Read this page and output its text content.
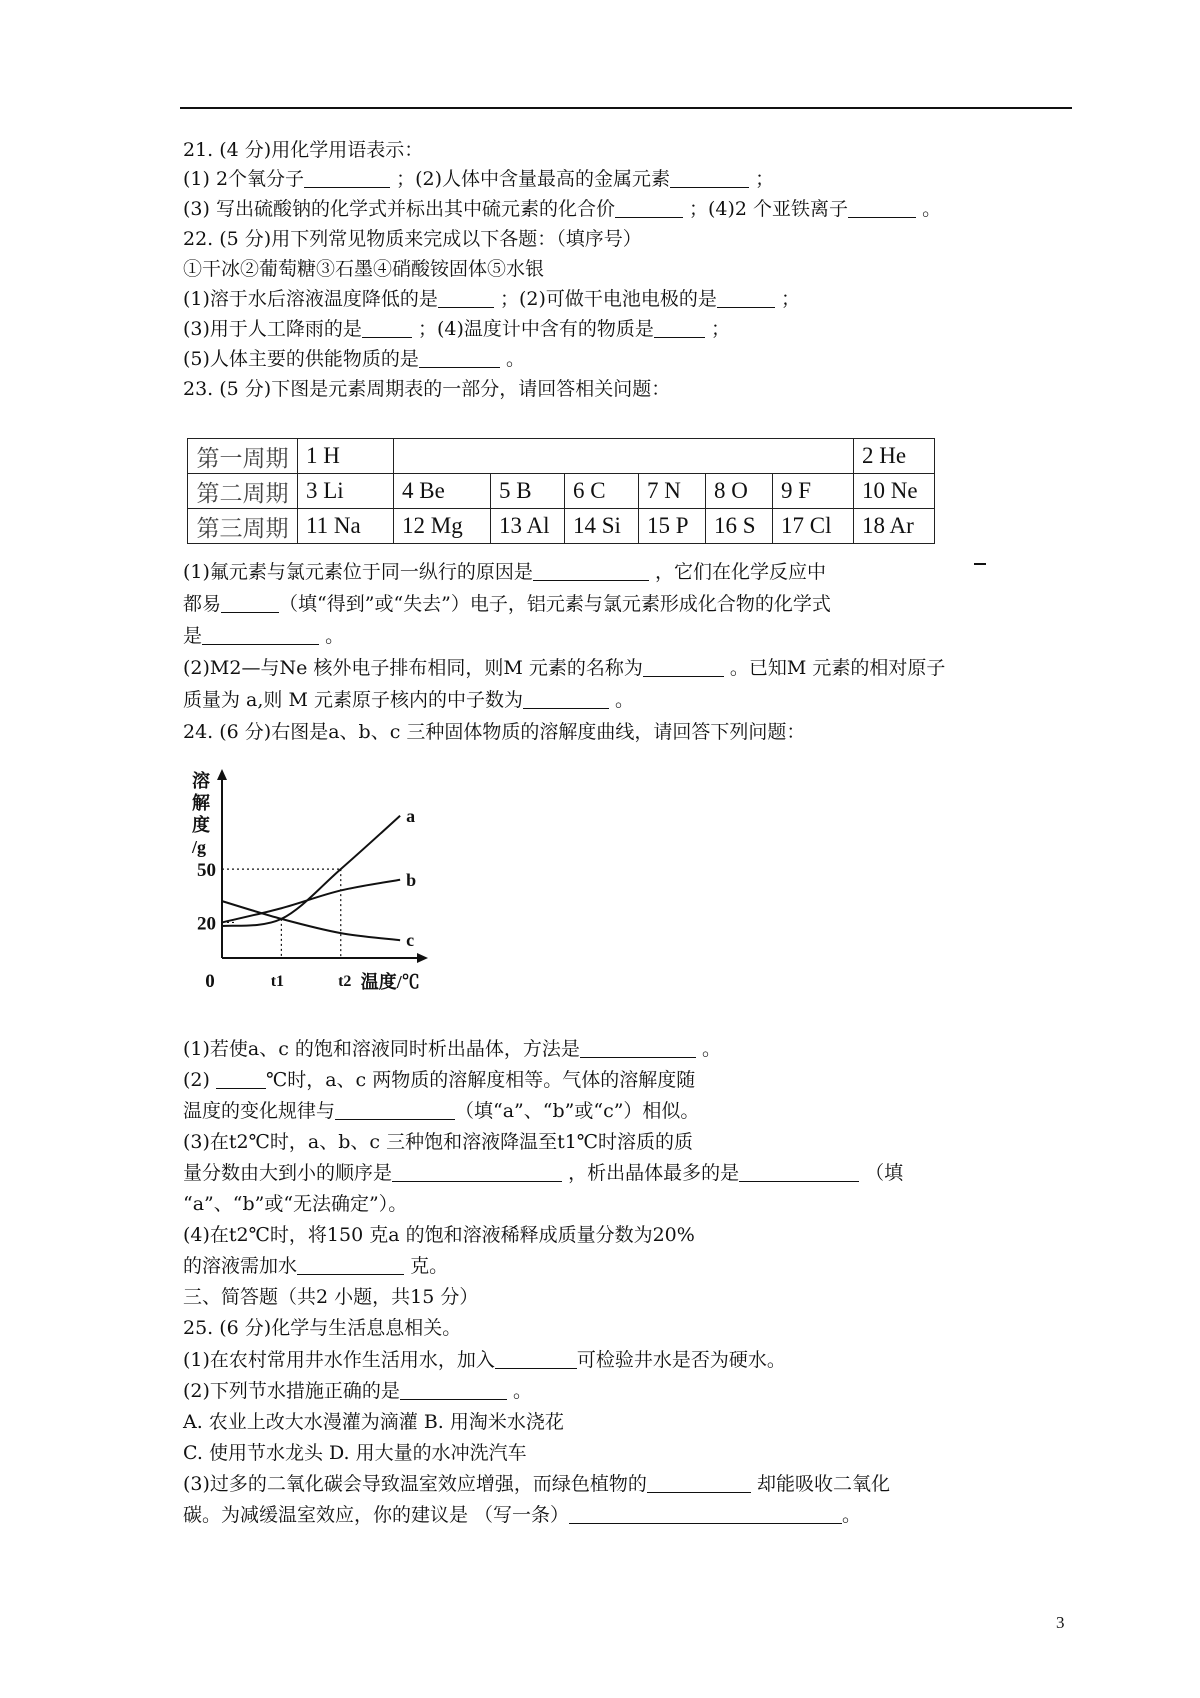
21. (4 分)用化学用语表示：
(1) 2个氧分子	；(2)人体中含量最高的金属元素	；
(3) 写出硫酸钠的化学式并标出其中硫元素的化合价	；(4)2 个亚铁离子	。
22. (5 分)用下列常见物质来完成以下各题：（填序号）
①干冰②葡萄糖③石墨④硝酸铵固体⑤水银
(1)溶于水后溶液温度降低的是	；(2)可做干电池电极的是	；
(3)用于人工降雨的是	；(4)温度计中含有的物质是	；
(5)人体主要的供能物质的是	。
23. (5 分)下图是元素周期表的一部分，请回答相关问题：
第一周期	1 H							2 He
第二周期	3 Li	4 Be	5 B	6 C	7 N	8 O	9 F	10 Ne
第三周期	11 Na	12 Mg	13 Al	14 Si	15 P	16 S	17 Cl	18 Ar
(1)氟元素与氯元素位于同一纵行的原因是	，它们在化学反应中
都易	（填“得到”或“失去”）电子，铝元素与氯元素形成化合物的化学式
是	。
(2)M2—与Ne 核外电子排布相同，则M 元素的名称为	。已知M 元素的相对原子
质量为 a,则 M 元素原子核内的中子数为	。
24. (6 分)右图是a、b、c 三种固体物质的溶解度曲线，请回答下列问题：
a
b
c
溶
解
度
/g
50
20
0	t1	t2 温度/℃
(1)若使a、c 的饱和溶液同时析出晶体，方法是	。
(2)	℃时，a、c 两物质的溶解度相等。气体的溶解度随
温度的变化规律与	（填“a”、“b”或“c”）相似。
(3)在t2℃时，a、b、c 三种饱和溶液降温至t1℃时溶质的质
量分数由大到小的顺序是	，析出晶体最多的是	（填
“a”、“b”或“无法确定”）。
(4)在t2℃时，将150 克a 的饱和溶液稀释成质量分数为20%
的溶液需加水	克。
三、简答题（共2 小题，共15 分）
25. (6 分)化学与生活息息相关。
(1)在农村常用井水作生活用水，加入	可检验井水是否为硬水。
(2)下列节水措施正确的是	。
A. 农业上改大水漫灌为滴灌 B. 用淘米水浇花
C. 使用节水龙头 D. 用大量的水冲洗汽车
(3)过多的二氧化碳会导致温室效应增强，而绿色植物的	却能吸收二氧化
碳。为减缓温室效应，你的建议是 （写一条）	。
3
